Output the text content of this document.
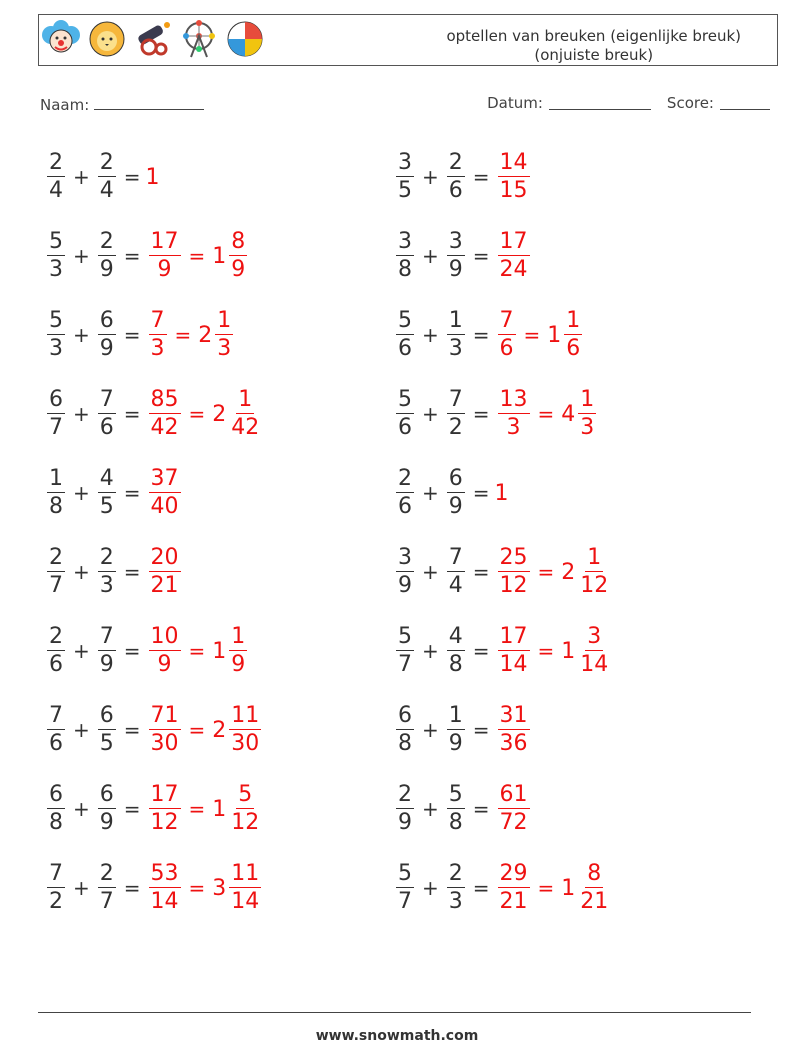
optellen van breuken (eigenlijke breuk)
(onjuiste breuk)
Naam:	Datum:	Score:
$\frac{2}{4} + \frac{2}{4} = 1$	$\frac{3}{5} + \frac{2}{6} = \frac{14}{15}$
$\frac{5}{3} + \frac{2}{9} = \frac{17}{9} = 1 \frac{8}{9}$	$\frac{3}{8} + \frac{3}{9} = \frac{17}{24}$
$\frac{5}{3} + \frac{6}{9} = \frac{7}{3} = 2 \frac{1}{3}$	$\frac{5}{6} + \frac{1}{3} = \frac{7}{6} = 1 \frac{1}{6}$
$\frac{6}{7} + \frac{7}{6} = \frac{85}{42} = 2 \frac{1}{42}$	$\frac{5}{6} + \frac{7}{2} = \frac{13}{3} = 4 \frac{1}{3}$
$\frac{1}{8} + \frac{4}{5} = \frac{37}{40}$	$\frac{2}{6} + \frac{6}{9} = 1$
$\frac{2}{7} + \frac{2}{3} = \frac{20}{21}$	$\frac{3}{9} + \frac{7}{4} = \frac{25}{12} = 2 \frac{1}{12}$
$\frac{2}{6} + \frac{7}{9} = \frac{10}{9} = 1 \frac{1}{9}$	$\frac{5}{7} + \frac{4}{8} = \frac{17}{14} = 1 \frac{3}{14}$
$\frac{7}{6} + \frac{6}{5} = \frac{71}{30} = 2 \frac{11}{30}$	$\frac{6}{8} + \frac{1}{9} = \frac{31}{36}$
$\frac{6}{8} + \frac{6}{9} = \frac{17}{12} = 1 \frac{5}{12}$	$\frac{2}{9} + \frac{5}{8} = \frac{61}{72}$
$\frac{7}{2} + \frac{2}{7} = \frac{53}{14} = 3 \frac{11}{14}$	$\frac{5}{7} + \frac{2}{3} = \frac{29}{21} = 1 \frac{8}{21}$
www.snowmath.com
